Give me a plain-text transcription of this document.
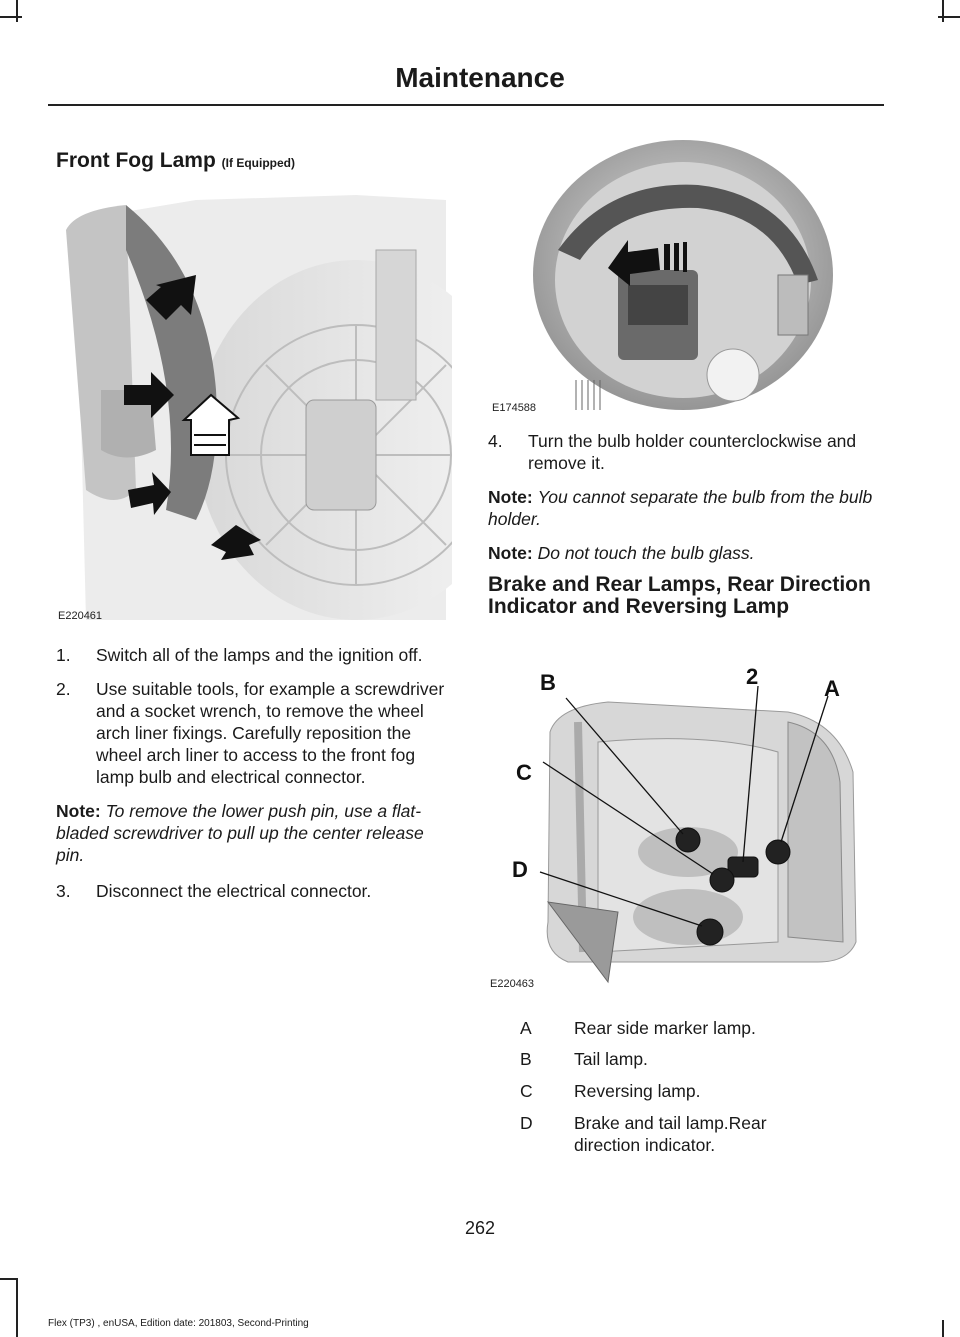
Maintenance
Front Fog Lamp (If Equipped)
E220461

1. Switch all of the lamps and the ignition off.

2. Use suitable tools, for example a screwdriver and a socket wrench, to remove the wheel arch liner fixings. Carefully reposition the wheel arch liner to access to the front fog lamp bulb and electrical connector.

Note: To remove the lower push pin, use a flat-bladed screwdriver to pull up the center release pin.

3. Disconnect the electrical connector.

E174588

4. Turn the bulb holder counterclockwise and remove it.

Note: You cannot separate the bulb from the bulb holder.

Note: Do not touch the bulb glass.

Brake and Rear Lamps, Rear Direction Indicator and Reversing Lamp
B	2	A
C
D
E220463
A Rear side marker lamp.
B Tail lamp.
C Reversing lamp.
D Brake and tail lamp.Rear direction indicator.
262
Flex (TP3) , enUSA, Edition date: 201803, Second-Printing
